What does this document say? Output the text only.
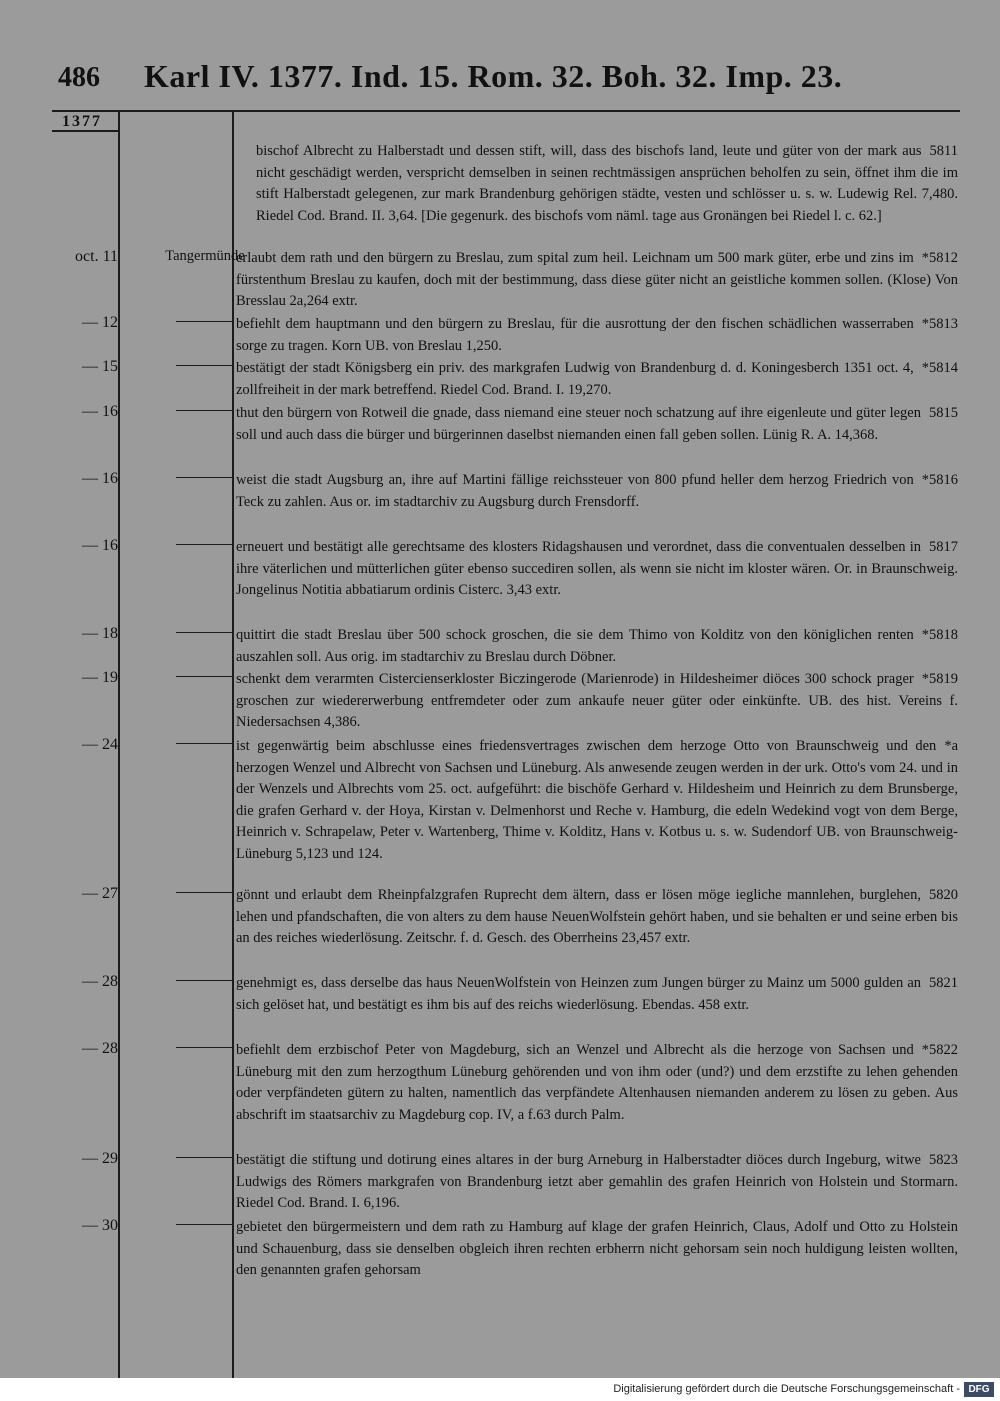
486 Karl IV. 1377. Ind. 15. Rom. 32. Boh. 32. Imp. 23.
1377
5811
bischof Albrecht zu Halberstadt und dessen stift, will, dass des bischofs land, leute und güter von der mark aus nicht geschädigt werden, verspricht demselben in seinen rechtmässigen ansprüchen beholfen zu sein, öffnet ihm die im stift Halberstadt gelegenen, zur mark Brandenburg gehörigen städte, vesten und schlösser u. s. w. Ludewig Rel. 7,480. Riedel Cod. Brand. II. 3,64. [Die gegenurk. des bischofs vom näml. tage aus Gronängen bei Riedel l. c. 62.]
oct. 11	Tangermünde	*5812
erlaubt dem rath und den bürgern zu Breslau, zum spital zum heil. Leichnam um 500 mark güter, erbe und zins im fürstenthum Breslau zu kaufen, doch mit der bestimmung, dass diese güter nicht an geistliche kommen sollen. (Klose) Von Bresslau 2a,264 extr.
— 12	*5813
befiehlt dem hauptmann und den bürgern zu Breslau, für die ausrottung der den fischen schädlichen wasserraben sorge zu tragen. Korn UB. von Breslau 1,250.
— 15	*5814
bestätigt der stadt Königsberg ein priv. des markgrafen Ludwig von Brandenburg d. d. Koningesberch 1351 oct. 4, zollfreiheit in der mark betreffend. Riedel Cod. Brand. I. 19,270.
— 16	5815
thut den bürgern von Rotweil die gnade, dass niemand eine steuer noch schatzung auf ihre eigenleute und güter legen soll und auch dass die bürger und bürgerinnen daselbst niemanden einen fall geben sollen. Lünig R. A. 14,368.
— 16	*5816
weist die stadt Augsburg an, ihre auf Martini fällige reichssteuer von 800 pfund heller dem herzog Friedrich von Teck zu zahlen. Aus or. im stadtarchiv zu Augsburg durch Frensdorff.
— 16	5817
erneuert und bestätigt alle gerechtsame des klosters Ridagshausen und verordnet, dass die conventualen desselben in ihre väterlichen und mütterlichen güter ebenso succediren sollen, als wenn sie nicht im kloster wären. Or. in Braunschweig. Jongelinus Notitia abbatiarum ordinis Cisterc. 3,43 extr.
— 18	*5818
quittirt die stadt Breslau über 500 schock groschen, die sie dem Thimo von Kolditz von den königlichen renten auszahlen soll. Aus orig. im stadtarchiv zu Breslau durch Döbner.
— 19	*5819
schenkt dem verarmten Cistercienserkloster Biczingerode (Marienrode) in Hildesheimer diöces 300 schock prager groschen zur wiedererwerbung entfremdeter oder zum ankaufe neuer güter oder einkünfte. UB. des hist. Vereins f. Niedersachsen 4,386.
— 24	*a
ist gegenwärtig beim abschlusse eines friedensvertrages zwischen dem herzoge Otto von Braunschweig und den herzogen Wenzel und Albrecht von Sachsen und Lüneburg. Als anwesende zeugen werden in der urk. Otto's vom 24. und in der Wenzels und Albrechts vom 25. oct. aufgeführt: die bischöfe Gerhard v. Hildesheim und Heinrich zu dem Brunsberge, die grafen Gerhard v. der Hoya, Kirstan v. Delmenhorst und Reche v. Hamburg, die edeln Wedekind vogt von dem Berge, Heinrich v. Schrapelaw, Peter v. Wartenberg, Thime v. Kolditz, Hans v. Kotbus u. s. w. Sudendorf UB. von Braunschweig-Lüneburg 5,123 und 124.
— 27	5820
gönnt und erlaubt dem Rheinpfalzgrafen Ruprecht dem ältern, dass er lösen möge iegliche mannlehen, burglehen, lehen und pfandschaften, die von alters zu dem hause NeuenWolfstein gehört haben, und sie behalten er und seine erben bis an des reiches wiederlösung. Zeitschr. f. d. Gesch. des Oberrheins 23,457 extr.
— 28	5821
genehmigt es, dass derselbe das haus NeuenWolfstein von Heinzen zum Jungen bürger zu Mainz um 5000 gulden an sich gelöset hat, und bestätigt es ihm bis auf des reichs wiederlösung. Ebendas. 458 extr.
— 28	*5822
befiehlt dem erzbischof Peter von Magdeburg, sich an Wenzel und Albrecht als die herzoge von Sachsen und Lüneburg mit den zum herzogthum Lüneburg gehörenden und von ihm oder (und?) und dem erzstifte zu lehen gehenden oder verpfändeten gütern zu halten, namentlich das verpfändete Altenhausen niemanden anderem zu lösen zu geben. Aus abschrift im staatsarchiv zu Magdeburg cop. IV, a f.63 durch Palm.
— 29	5823
bestätigt die stiftung und dotirung eines altares in der burg Arneburg in Halberstadter diöces durch Ingeburg, witwe Ludwigs des Römers markgrafen von Brandenburg ietzt aber gemahlin des grafen Heinrich von Holstein und Stormarn. Riedel Cod. Brand. I. 6,196.
— 30	gebietet den bürgermeistern und dem rath zu Hamburg auf klage der grafen Heinrich, Claus, Adolf und Otto zu Holstein und Schauenburg, dass sie denselben obgleich ihren rechten erbherrn nicht gehorsam sein noch huldigung leisten wollten, den genannten grafen gehorsam
Digitalisierung gefördert durch die Deutsche Forschungsgemeinschaft - DFG
